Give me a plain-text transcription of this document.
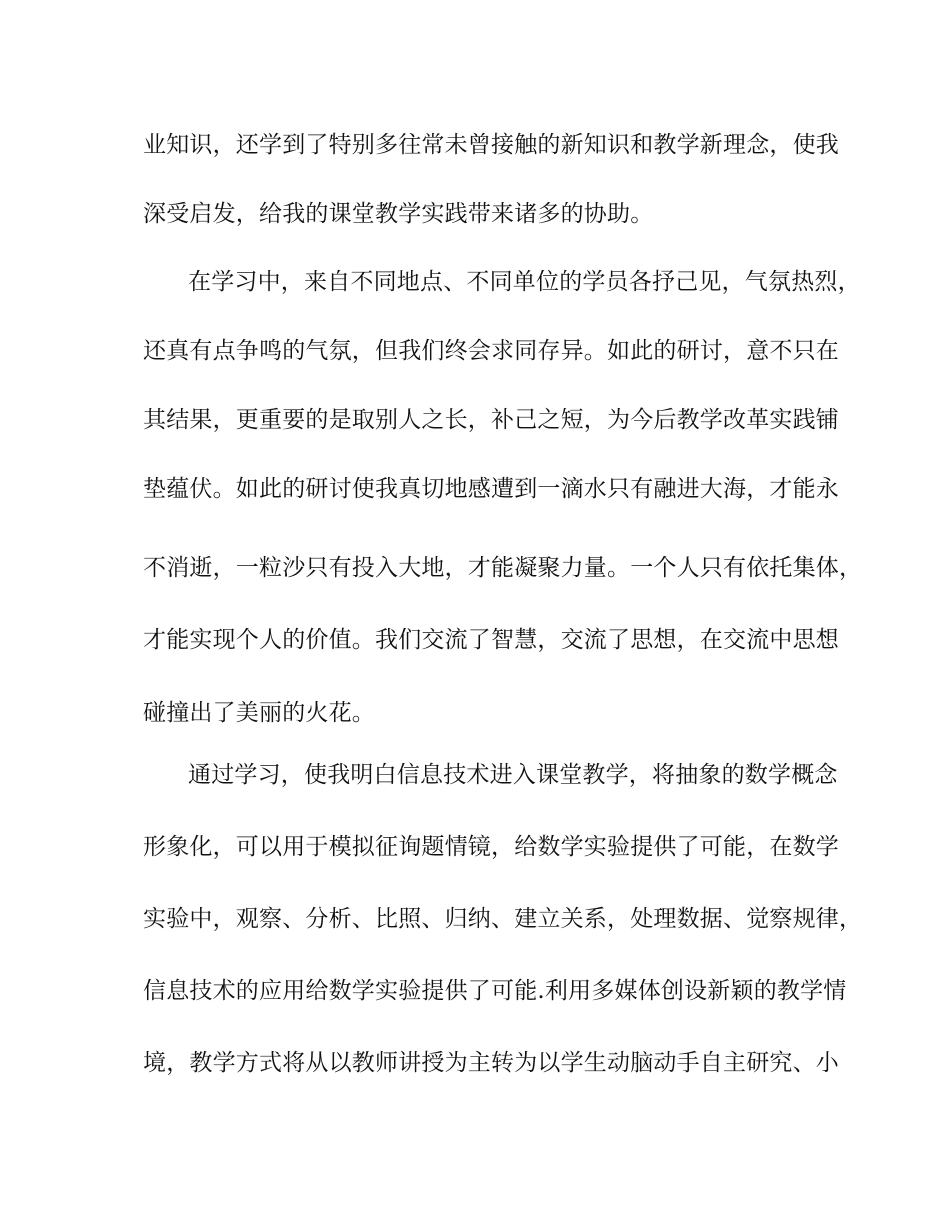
业知识，还学到了特别多往常未曾接触的新知识和教学新理念，使我
深受启发，给我的课堂教学实践带来诸多的协助。
在学习中，来自不同地点、不同单位的学员各抒己见，气氛热烈，
还真有点争鸣的气氛，但我们终会求同存异。如此的研讨，意不只在
其结果，更重要的是取别人之长，补己之短，为今后教学改革实践铺
垫蕴伏。如此的研讨使我真切地感遭到一滴水只有融进大海，才能永
不消逝，一粒沙只有投入大地，才能凝聚力量。一个人只有依托集体，
才能实现个人的价值。我们交流了智慧，交流了思想，在交流中思想
碰撞出了美丽的火花。
通过学习，使我明白信息技术进入课堂教学，将抽象的数学概念
形象化，可以用于模拟征询题情镜，给数学实验提供了可能，在数学
实验中，观察、分析、比照、归纳、建立关系，处理数据、觉察规律，
信息技术的应用给数学实验提供了可能.利用多媒体创设新颖的教学情
境，教学方式将从以教师讲授为主转为以学生动脑动手自主研究、小
